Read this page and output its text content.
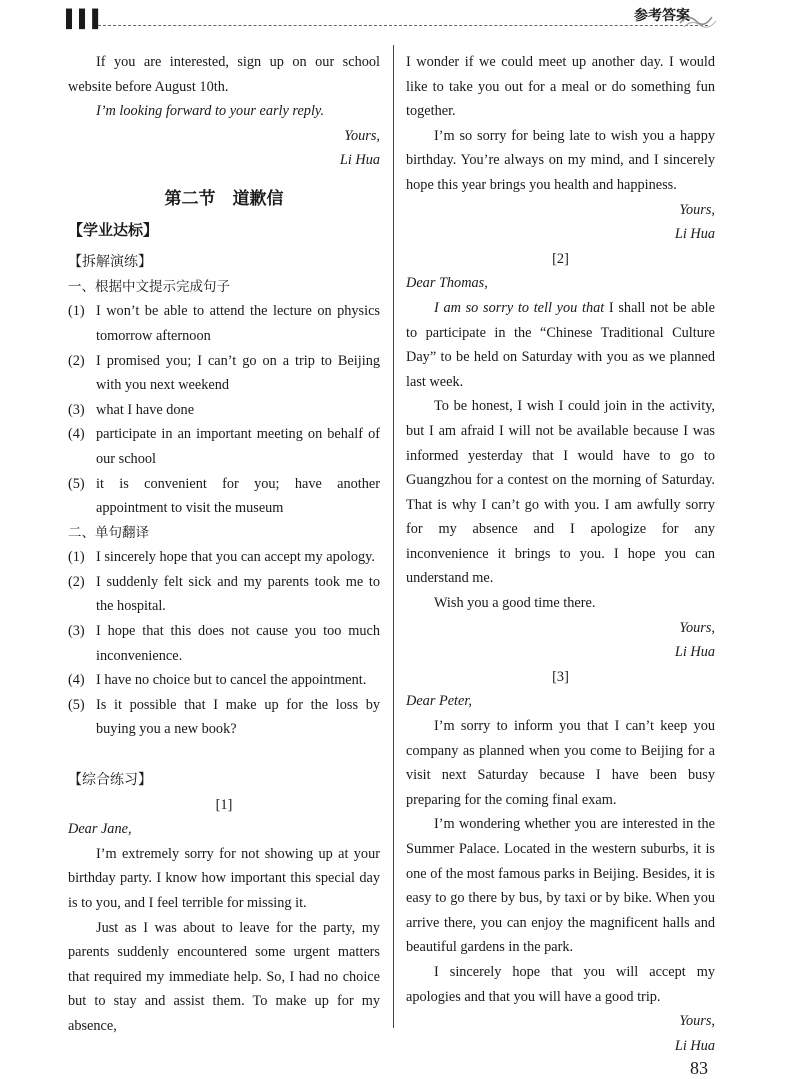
▌▌▌	参考答案

If you are interested, sign up on our school website before August 10th.

I’m looking forward to your early reply.

Yours,

Li Hua

第二节　道歉信
【学业达标】
【拆解演练】
一、根据中文提示完成句子
(1) I won’t be able to attend the lecture on physics tomorrow afternoon
(2) I promised you; I can’t go on a trip to Beijing with you next weekend
(3) what I have done
(4) participate in an important meeting on behalf of our school
(5) it is convenient for you; have another appointment to visit the museum
二、单句翻译
(1) I sincerely hope that you can accept my apology.
(2) I suddenly felt sick and my parents took me to the hospital.
(3) I hope that this does not cause you too much inconvenience.
(4) I have no choice but to cancel the appointment.
(5) Is it possible that I make up for the loss by buying you a new book?
【综合练习】

[1]

Dear Jane,

I’m extremely sorry for not showing up at your birthday party. I know how important this special day is to you, and I feel terrible for missing it.

Just as I was about to leave for the party, my parents suddenly encountered some urgent matters that required my immediate help. So, I had no choice but to stay and assist them. To make up for my absence,

I wonder if we could meet up another day. I would like to take you out for a meal or do something fun together.

I’m so sorry for being late to wish you a happy birthday. You’re always on my mind, and I sincerely hope this year brings you health and happiness.

Yours,

Li Hua

[2]

Dear Thomas,

I am so sorry to tell you that I shall not be able to participate in the “Chinese Traditional Culture Day” to be held on Saturday with you as we planned last week.

To be honest, I wish I could join in the activity, but I am afraid I will not be available because I was informed yesterday that I would have to go to Guangzhou for a contest on the morning of Saturday. That is why I can’t go with you. I am awfully sorry for my absence and I apologize for any inconvenience it brings to you. I hope you can understand me.

Wish you a good time there.

Yours,

Li Hua

[3]

Dear Peter,

I’m sorry to inform you that I can’t keep you company as planned when you come to Beijing for a visit next Saturday because I have been busy preparing for the coming final exam.

I’m wondering whether you are interested in the Summer Palace. Located in the western suburbs, it is one of the most famous parks in Beijing. Besides, it is easy to go there by bus, by taxi or by bike. When you arrive there, you can enjoy the magnificent halls and beautiful gardens in the park.

I sincerely hope that you will accept my apologies and that you will have a good trip.

Yours,

Li Hua

83
